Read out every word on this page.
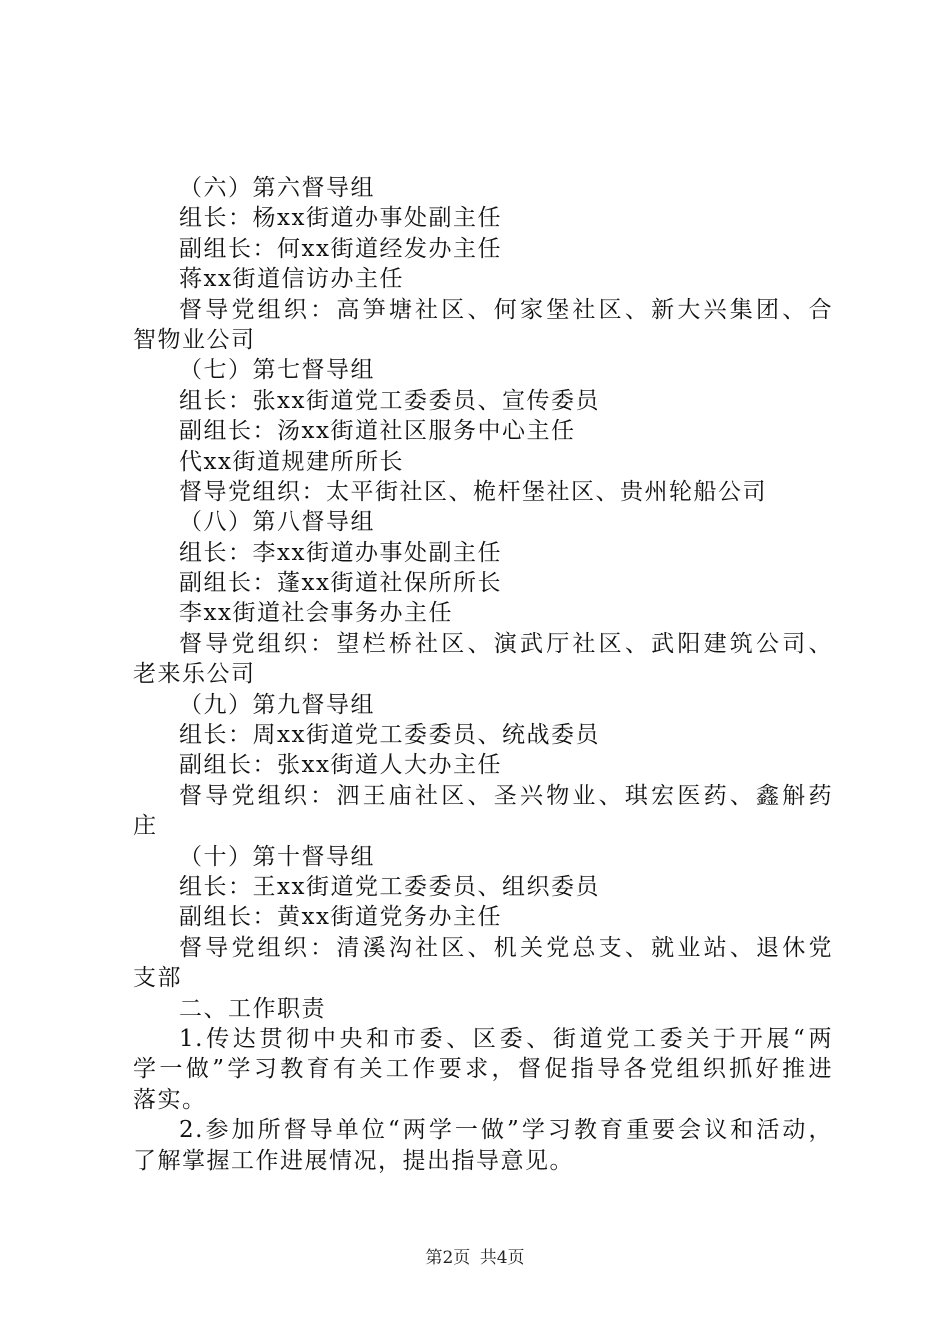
（六）第六督导组
组长：杨xx街道办事处副主任
副组长：何xx街道经发办主任
蒋xx街道信访办主任
督导党组织：高笋塘社区、何家堡社区、新大兴集团、合
智物业公司
（七）第七督导组
组长：张xx街道党工委委员、宣传委员
副组长：汤xx街道社区服务中心主任
代xx街道规建所所长
督导党组织：太平街社区、桅杆堡社区、贵州轮船公司
（八）第八督导组
组长：李xx街道办事处副主任
副组长：蓬xx街道社保所所长
李xx街道社会事务办主任
督导党组织：望栏桥社区、演武厅社区、武阳建筑公司、
老来乐公司
（九）第九督导组
组长：周xx街道党工委委员、统战委员
副组长：张xx街道人大办主任
督导党组织：泗王庙社区、圣兴物业、琪宏医药、鑫斛药
庄
（十）第十督导组
组长：王xx街道党工委委员、组织委员
副组长：黄xx街道党务办主任
督导党组织：清溪沟社区、机关党总支、就业站、退休党
支部
二、工作职责
1.传达贯彻中央和市委、区委、街道党工委关于开展“两
学一做”学习教育有关工作要求，督促指导各党组织抓好推进
落实。
2.参加所督导单位“两学一做”学习教育重要会议和活动，
了解掌握工作进展情况，提出指导意见。
第2页 共4页
